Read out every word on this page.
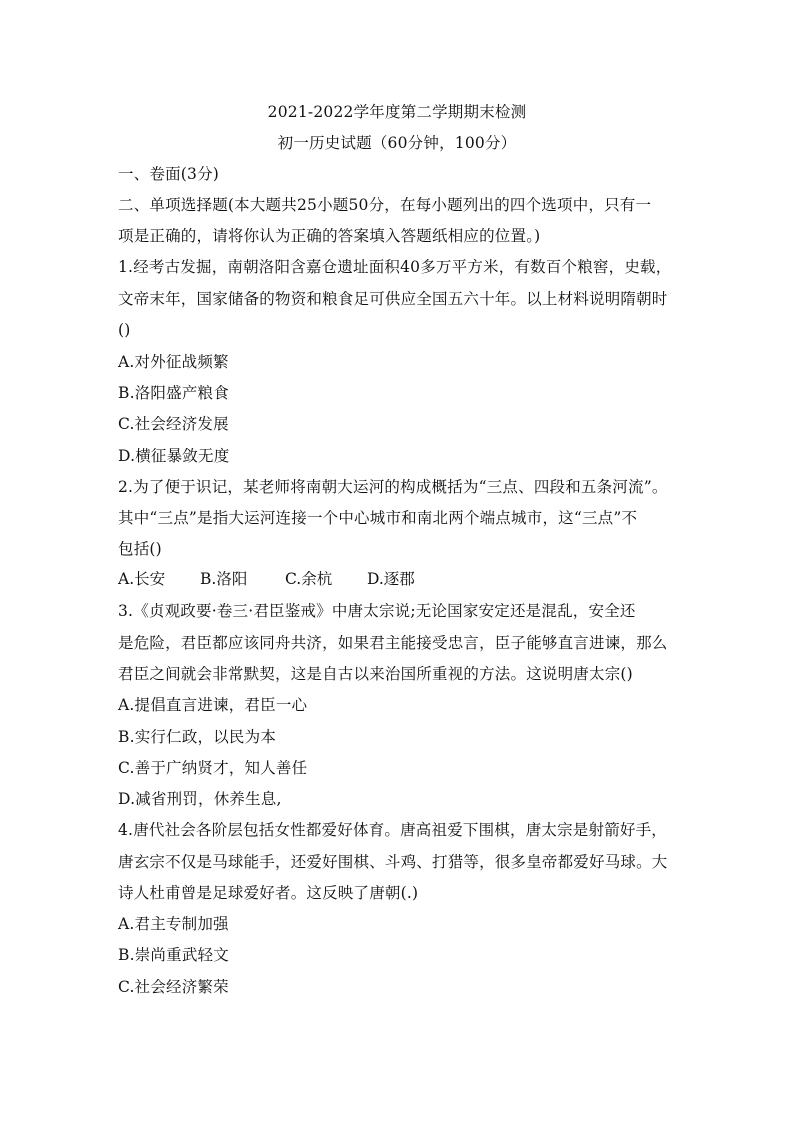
2021-2022学年度第二学期期末检测
初一历史试题（60分钟，100分）
一、卷面(3分)
二、单项选择题(本大题共25小题50分，在每小题列出的四个选项中，只有一
项是正确的，请将你认为正确的答案填入答题纸相应的位置。)
1.经考古发掘，南朝洛阳含嘉仓遗址面积40多万平方米，有数百个粮窖，史载，
文帝末年，国家储备的物资和粮食足可供应全国五六十年。以上材料说明隋朝时
()
A.对外征战频繁
B.洛阳盛产粮食
C.社会经济发展
D.横征暴敛无度
2.为了便于识记，某老师将南朝大运河的构成概括为“三点、四段和五条河流”。
其中“三点”是指大运河连接一个中心城市和南北两个端点城市，这“三点”不
包括()
A.长安 B.洛阳 C.余杭 D.逐郡
3.《贞观政要·卷三·君臣鉴戒》中唐太宗说;无论国家安定还是混乱，安全还
是危险，君臣都应该同舟共济，如果君主能接受忠言，臣子能够直言进谏，那么
君臣之间就会非常默契，这是自古以来治国所重视的方法。这说明唐太宗()
A.提倡直言进谏，君臣一心
B.实行仁政，以民为本
C.善于广纳贤才，知人善任
D.减省刑罚，休养生息,
4.唐代社会各阶层包括女性都爱好体育。唐高祖爱下围棋，唐太宗是射箭好手，
唐玄宗不仅是马球能手，还爱好围棋、斗鸡、打猎等，很多皇帝都爱好马球。大
诗人杜甫曾是足球爱好者。这反映了唐朝(.)
A.君主专制加强
B.崇尚重武轻文
C.社会经济繁荣
